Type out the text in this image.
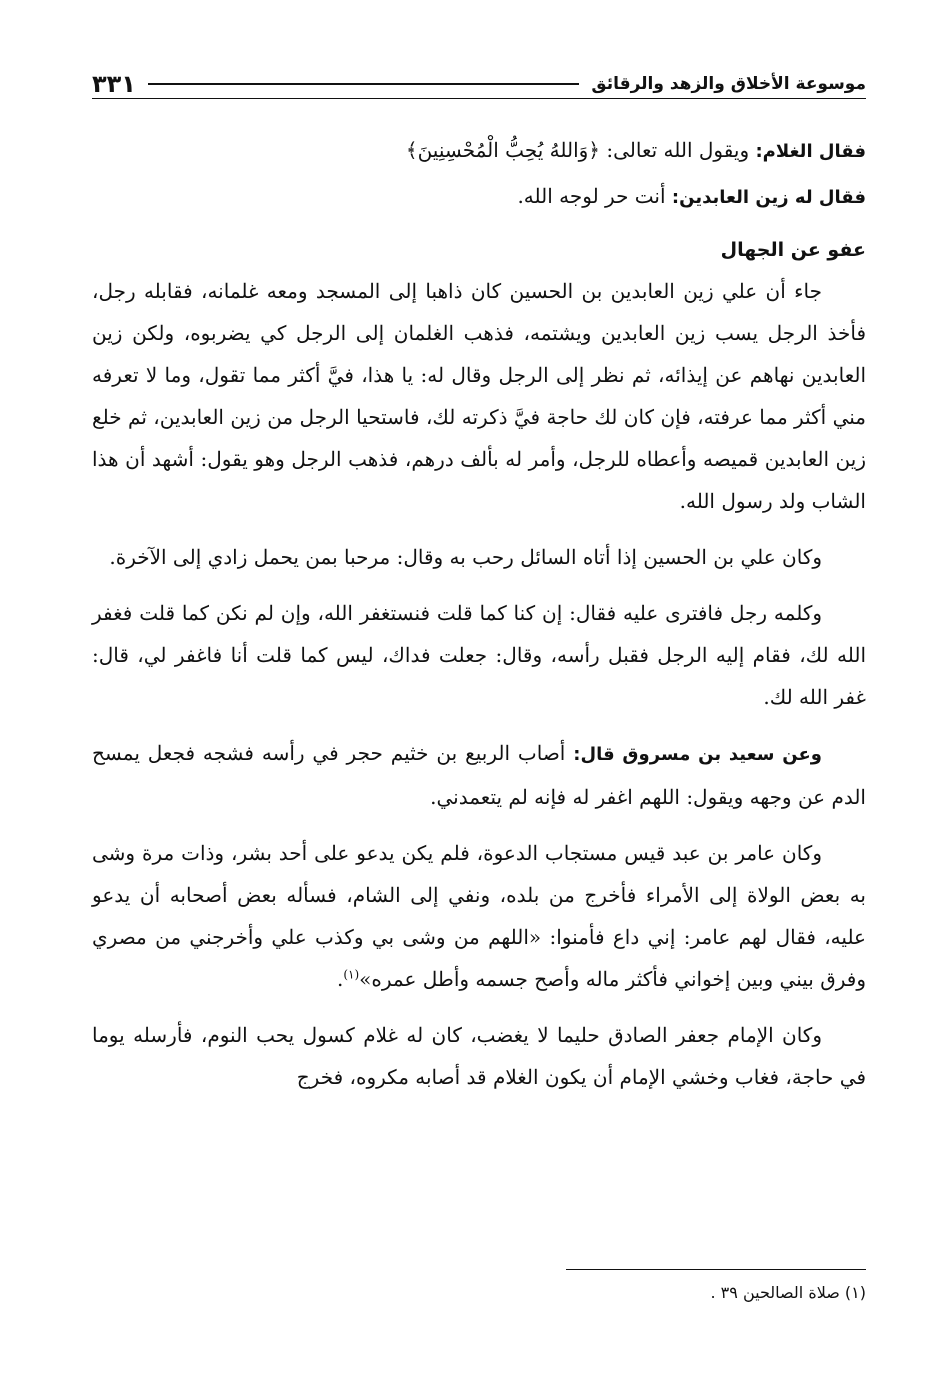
موسوعة الأخلاق والزهد والرقائق
٣٣١

فقال الغلام: ويقول الله تعالى: ﴿وَاللهُ يُحِبُّ الْمُحْسِنِينَ﴾

فقال له زين العابدين: أنت حر لوجه الله.

عفو عن الجهال

جاء أن علي زين العابدين بن الحسين كان ذاهبا إلى المسجد ومعه غلمانه، فقابله رجل، فأخذ الرجل يسب زين العابدين ويشتمه، فذهب الغلمان إلى الرجل كي يضربوه، ولكن زين العابدين نهاهم عن إيذائه، ثم نظر إلى الرجل وقال له: يا هذا، فيَّ أكثر مما تقول، وما لا تعرفه مني أكثر مما عرفته، فإن كان لك حاجة فيَّ ذكرته لك، فاستحيا الرجل من زين العابدين، ثم خلع زين العابدين قميصه وأعطاه للرجل، وأمر له بألف درهم، فذهب الرجل وهو يقول: أشهد أن هذا الشاب ولد رسول الله.

وكان علي بن الحسين إذا أتاه السائل رحب به وقال: مرحبا بمن يحمل زادي إلى الآخرة.

وكلمه رجل فافترى عليه فقال: إن كنا كما قلت فنستغفر الله، وإن لم نكن كما قلت فغفر الله لك، فقام إليه الرجل فقبل رأسه، وقال: جعلت فداك، ليس كما قلت أنا فاغفر لي، قال: غفر الله لك.

وعن سعيد بن مسروق قال: أصاب الربيع بن خثيم حجر في رأسه فشجه فجعل يمسح الدم عن وجهه ويقول: اللهم اغفر له فإنه لم يتعمدني.

وكان عامر بن عبد قيس مستجاب الدعوة، فلم يكن يدعو على أحد بشر، وذات مرة وشى به بعض الولاة إلى الأمراء فأخرج من بلده، ونفي إلى الشام، فسأله بعض أصحابه أن يدعو عليه، فقال لهم عامر: إني داع فأمنوا: «اللهم من وشى بي وكذب علي وأخرجني من مصري وفرق بيني وبين إخواني فأكثر ماله وأصح جسمه وأطل عمره»$^{(١)}$.

وكان الإمام جعفر الصادق حليما لا يغضب، كان له غلام كسول يحب النوم، فأرسله يوما في حاجة، فغاب وخشي الإمام أن يكون الغلام قد أصابه مكروه، فخرج

(١) صلاة الصالحين ٣٩ .
